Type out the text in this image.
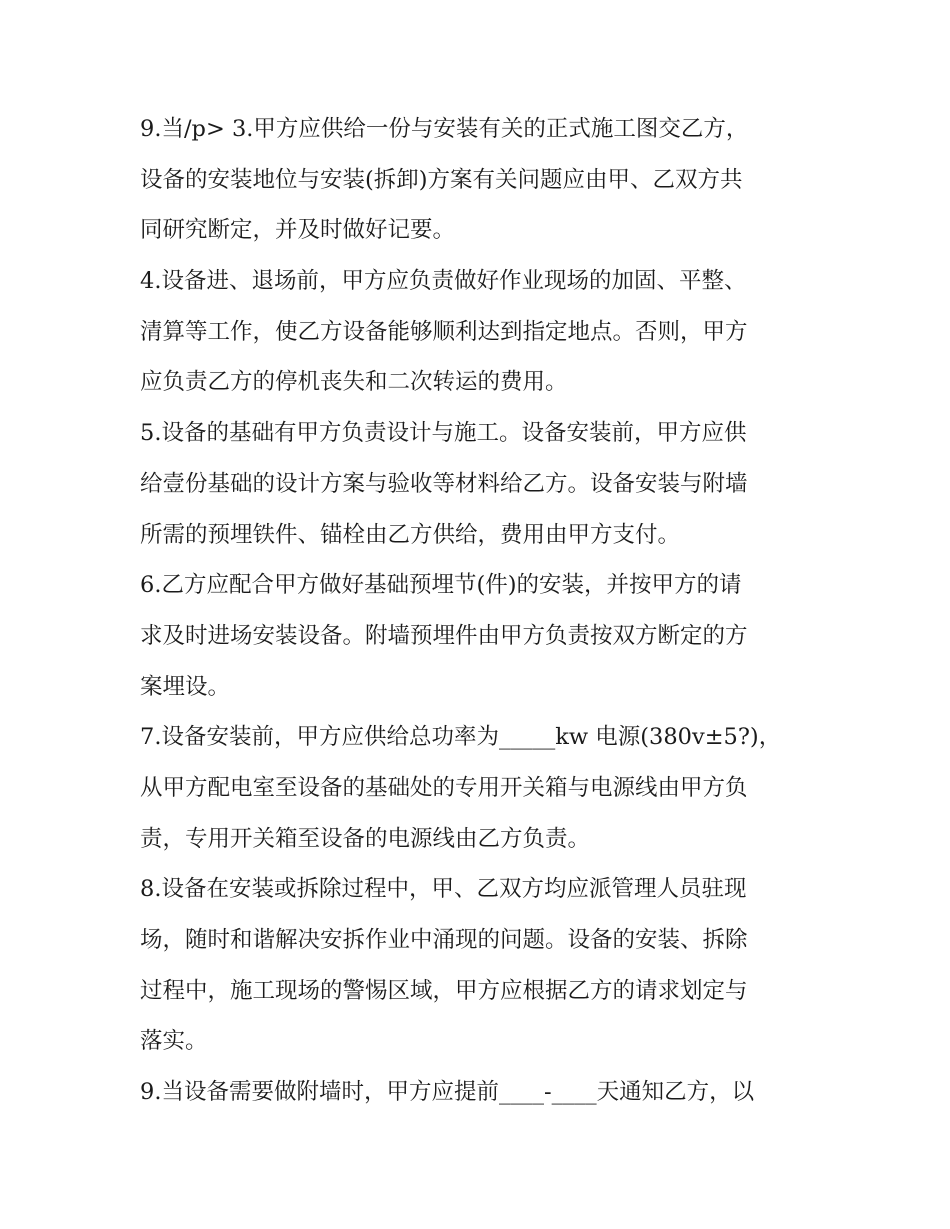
9.当/p> 3.甲方应供给一份与安装有关的正式施工图交乙方，
设备的安装地位与安装(拆卸)方案有关问题应由甲、乙双方共
同研究断定，并及时做好记要。
4.设备进、退场前，甲方应负责做好作业现场的加固、平整、
清算等工作，使乙方设备能够顺利达到指定地点。否则，甲方
应负责乙方的停机丧失和二次转运的费用。
5.设备的基础有甲方负责设计与施工。设备安装前，甲方应供
给壹份基础的设计方案与验收等材料给乙方。设备安装与附墙
所需的预埋铁件、锚栓由乙方供给，费用由甲方支付。
6.乙方应配合甲方做好基础预埋节(件)的安装，并按甲方的请
求及时进场安装设备。附墙预埋件由甲方负责按双方断定的方
案埋设。
7.设备安装前，甲方应供给总功率为_____kw 电源(380v±5?)，
从甲方配电室至设备的基础处的专用开关箱与电源线由甲方负
责，专用开关箱至设备的电源线由乙方负责。
8.设备在安装或拆除过程中，甲、乙双方均应派管理人员驻现
场，随时和谐解决安拆作业中涌现的问题。设备的安装、拆除
过程中，施工现场的警惕区域，甲方应根据乙方的请求划定与
落实。
9.当设备需要做附墙时，甲方应提前____-____天通知乙方，以
